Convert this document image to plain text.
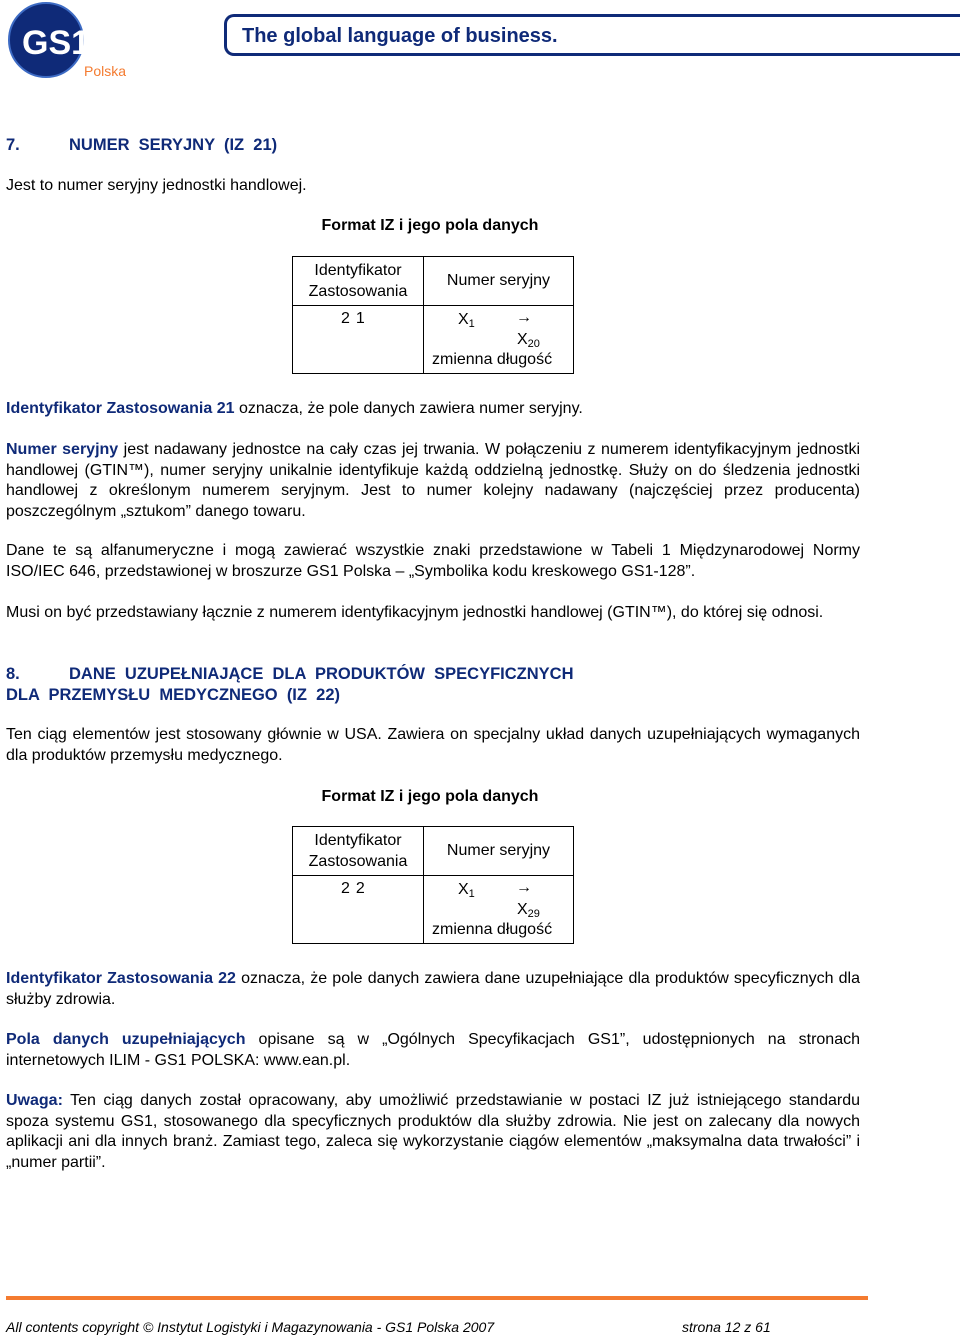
GS1
Polska
The global language of business.
7.	NUMER  SERYJNY  (IZ  21)
Jest to numer seryjny jednostki handlowej.
Format IZ i jego pola danych
Identyfikator
Zastosowania	Numer seryjny
21	$X_1$ →
$X_{20}$
zmienna długość
Identyfikator Zastosowania 21 oznacza, że pole danych zawiera numer seryjny.
Numer seryjny jest nadawany jednostce na cały czas jej trwania. W połączeniu z numerem identyfikacyjnym jednostki handlowej (GTIN™), numer seryjny unikalnie identyfikuje każdą oddzielną jednostkę. Służy on do śledzenia jednostki handlowej z określonym numerem seryjnym. Jest to numer kolejny nadawany (najczęściej przez producenta) poszczególnym „sztukom” danego towaru.
Dane te są alfanumeryczne i mogą zawierać wszystkie znaki przedstawione w Tabeli 1 Międzynarodowej Normy ISO/IEC 646, przedstawionej w broszurze GS1 Polska – „Symbolika kodu kreskowego GS1-128”.
Musi on być przedstawiany łącznie z numerem identyfikacyjnym jednostki handlowej (GTIN™), do której się odnosi.
8.	DANE  UZUPEŁNIAJĄCE  DLA  PRODUKTÓW  SPECYFICZNYCH
DLA  PRZEMYSŁU  MEDYCZNEGO  (IZ  22)
Ten ciąg elementów jest stosowany głównie w USA. Zawiera on specjalny układ danych uzupełniających wymaganych dla produktów przemysłu medycznego.
Format IZ i jego pola danych
Identyfikator
Zastosowania	Numer seryjny
22	$X_1$ →
$X_{29}$
zmienna długość
Identyfikator Zastosowania 22 oznacza, że pole danych zawiera dane uzupełniające dla produktów specyficznych dla służby zdrowia.
Pola danych uzupełniających opisane są w „Ogólnych Specyfikacjach GS1”, udostępnionych na stronach internetowych ILIM - GS1 POLSKA: www.ean.pl.
Uwaga: Ten ciąg danych został opracowany, aby umożliwić przedstawianie w postaci IZ już istniejącego standardu spoza systemu GS1, stosowanego dla specyficznych produktów dla służby zdrowia. Nie jest on zalecany dla nowych aplikacji ani dla innych branż. Zamiast tego, zaleca się wykorzystanie ciągów elementów „maksymalna data trwałości” i „numer partii”.
All contents copyright © Instytut Logistyki i Magazynowania - GS1 Polska 2007	strona 12 z 61
